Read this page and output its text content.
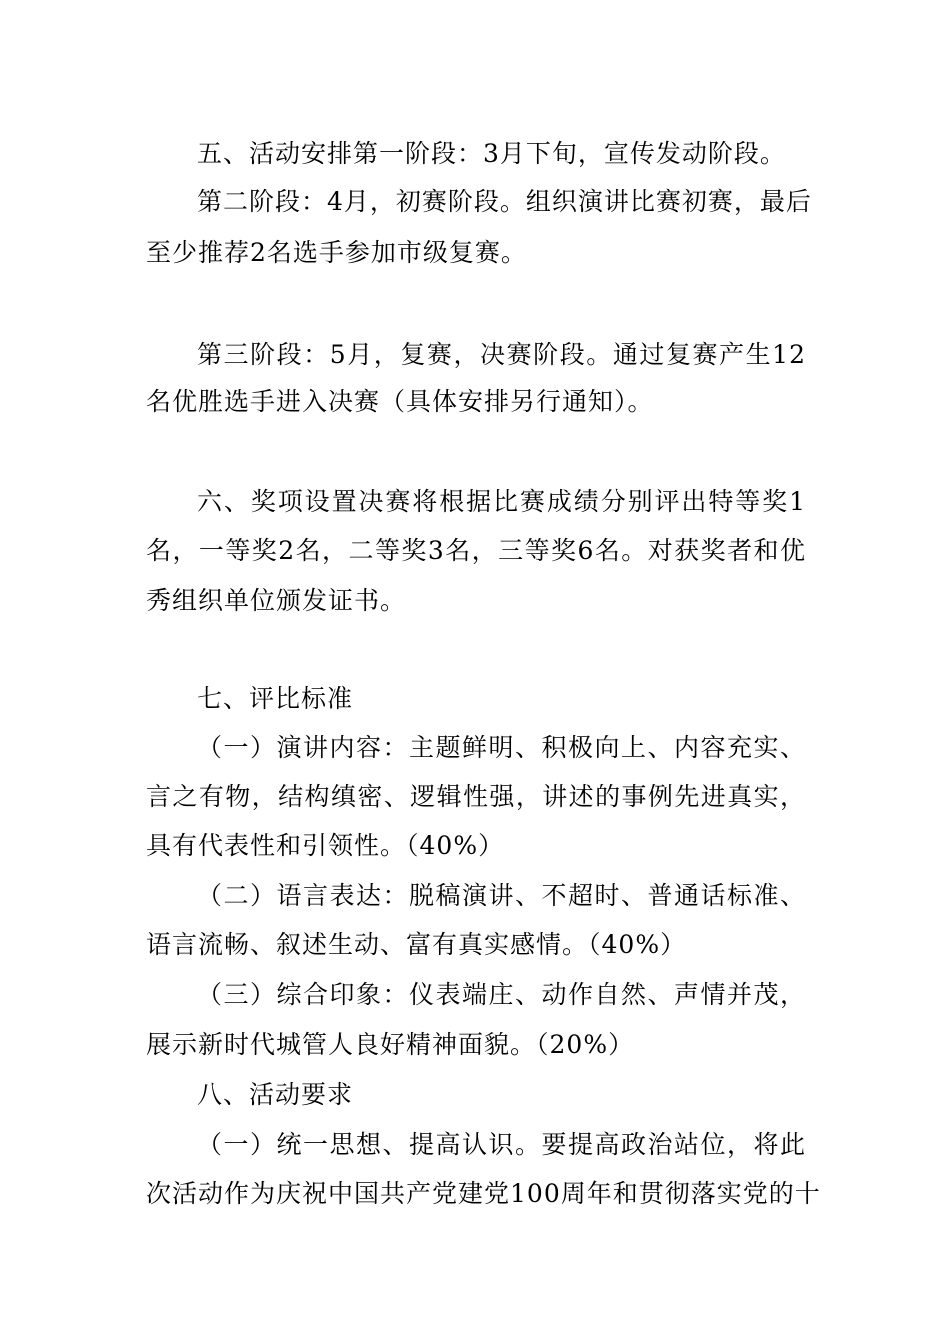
五、活动安排第一阶段：3月下旬，宣传发动阶段。
第二阶段：4月，初赛阶段。组织演讲比赛初赛，最后
至少推荐2名选手参加市级复赛。
第三阶段：5月，复赛，决赛阶段。通过复赛产生12
名优胜选手进入决赛（具体安排另行通知）。
六、奖项设置决赛将根据比赛成绩分别评出特等奖1
名，一等奖2名，二等奖3名，三等奖6名。对获奖者和优
秀组织单位颁发证书。
七、评比标准
（一）演讲内容：主题鲜明、积极向上、内容充实、
言之有物，结构缜密、逻辑性强，讲述的事例先进真实，
具有代表性和引领性。（40%）
（二）语言表达：脱稿演讲、不超时、普通话标准、
语言流畅、叙述生动、富有真实感情。（40%）
（三）综合印象：仪表端庄、动作自然、声情并茂，
展示新时代城管人良好精神面貌。（20%）
八、活动要求
（一）统一思想、提高认识。要提高政治站位，将此
次活动作为庆祝中国共产党建党100周年和贯彻落实党的十
